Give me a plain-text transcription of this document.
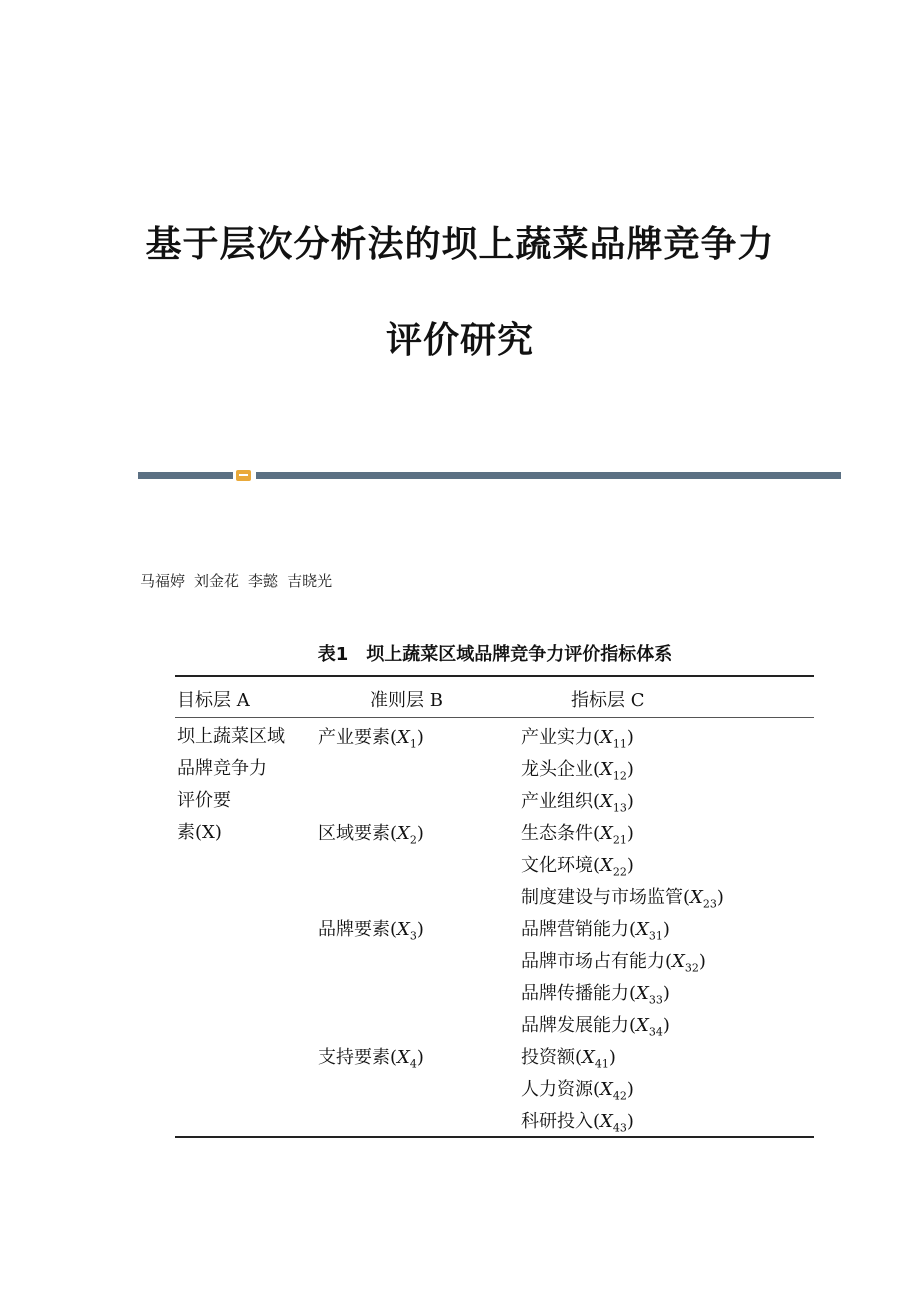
基于层次分析法的坝上蔬菜品牌竞争力
评价研究
马福婷 刘金花 李懿 吉晓光
表1　坝上蔬菜区域品牌竞争力评价指标体系
目标层 A	准则层 B	指标层 C
坝上蔬菜区域
品牌竞争力
评价要
素(X)
产业要素$(X_1)$
区域要素$(X_2)$
品牌要素$(X_3)$
支持要素$(X_4)$
产业实力$(X_{11})$
龙头企业$(X_{12})$
产业组织$(X_{13})$
生态条件$(X_{21})$
文化环境$(X_{22})$
制度建设与市场监管$(X_{23})$
品牌营销能力$(X_{31})$
品牌市场占有能力$(X_{32})$
品牌传播能力$(X_{33})$
品牌发展能力$(X_{34})$
投资额$(X_{41})$
人力资源$(X_{42})$
科研投入$(X_{43})$
